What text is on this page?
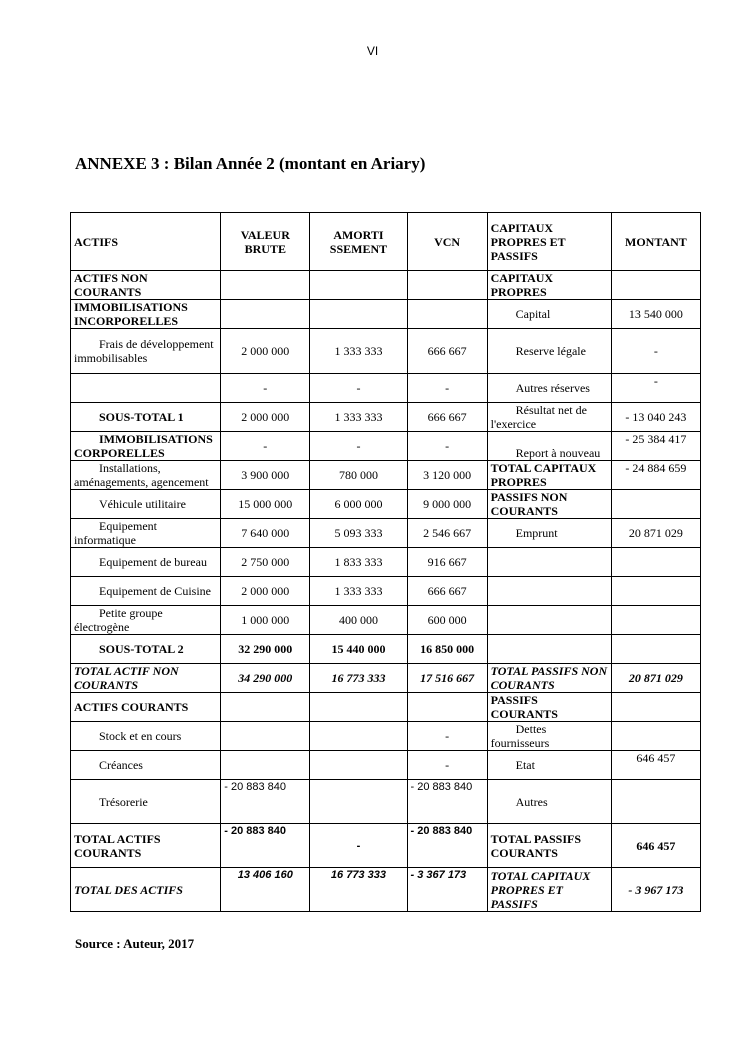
VI
ANNEXE 3 : Bilan Année 2 (montant en Ariary)
ACTIFS	VALEUR BRUTE	AMORTI SSEMENT	VCN	CAPITAUX PROPRES ET PASSIFS	MONTANT
ACTIFS NON COURANTS				CAPITAUX PROPRES	
IMMOBILISATIONS INCORPORELLES				Capital	13 540 000
Frais de développement immobilisables	2 000 000	1 333 333	666 667	Reserve légale	-
	-	-	-	Autres réserves	-
SOUS-TOTAL 1	2 000 000	1 333 333	666 667	Résultat net de l'exercice	- 13 040 243
IMMOBILISATIONS CORPORELLES	-	-	-	Report à nouveau	- 25 384 417
Installations, aménagements, agencement	3 900 000	780 000	3 120 000	TOTAL CAPITAUX PROPRES	- 24 884 659
Véhicule utilitaire	15 000 000	6 000 000	9 000 000	PASSIFS NON COURANTS	
Equipement informatique	7 640 000	5 093 333	2 546 667	Emprunt	20 871 029
Equipement de bureau	2 750 000	1 833 333	916 667		
Equipement de Cuisine	2 000 000	1 333 333	666 667		
Petite groupe électrogène	1 000 000	400 000	600 000		
SOUS-TOTAL 2	32 290 000	15 440 000	16 850 000		
TOTAL ACTIF NON COURANTS	34 290 000	16 773 333	17 516 667	TOTAL PASSIFS NON COURANTS	20 871 029
ACTIFS COURANTS				PASSIFS COURANTS	
Stock et en cours			-	Dettes fournisseurs	
Créances			-	Etat	646 457
Trésorerie	- 20 883 840		- 20 883 840	Autres	
TOTAL ACTIFS COURANTS	- 20 883 840	-	- 20 883 840	TOTAL PASSIFS COURANTS	646 457
TOTAL DES ACTIFS	13 406 160	16 773 333	- 3 367 173	TOTAL CAPITAUX PROPRES ET PASSIFS	- 3 967 173
Source : Auteur, 2017
